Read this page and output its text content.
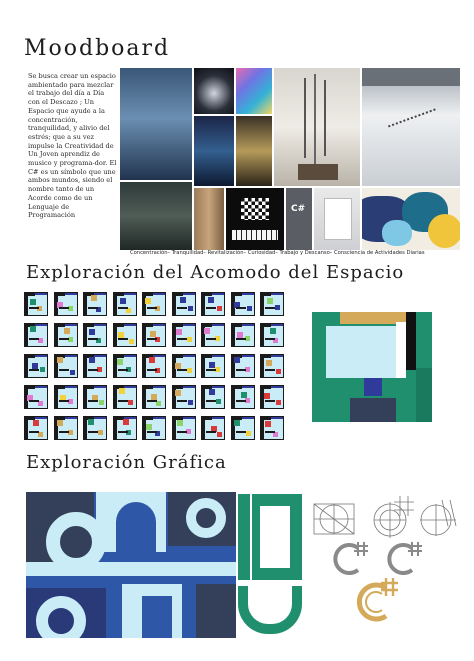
Moodboard
Se busca crear un espacio ambientado para mezclar el trabajo del día a Día con el Descazo ; Un Espacio que ayude a la concentración, tranquilidad, y alivio del estrés; que a su vez impulse la Creatividad de Un Joven aprendiz de musico y programa-dor. El C# es un símbolo que une ambos mundos, siendo el nombre tanto de un Acorde como de un Lenguaje de Programación
C#
Concentración– Tranquilidad– Revitalización– Curiosidad– Trabajo y Descanso– Consciencia de Actividades Diarias
Exploración del Acomodo del Espacio
Exploración Gráfica
